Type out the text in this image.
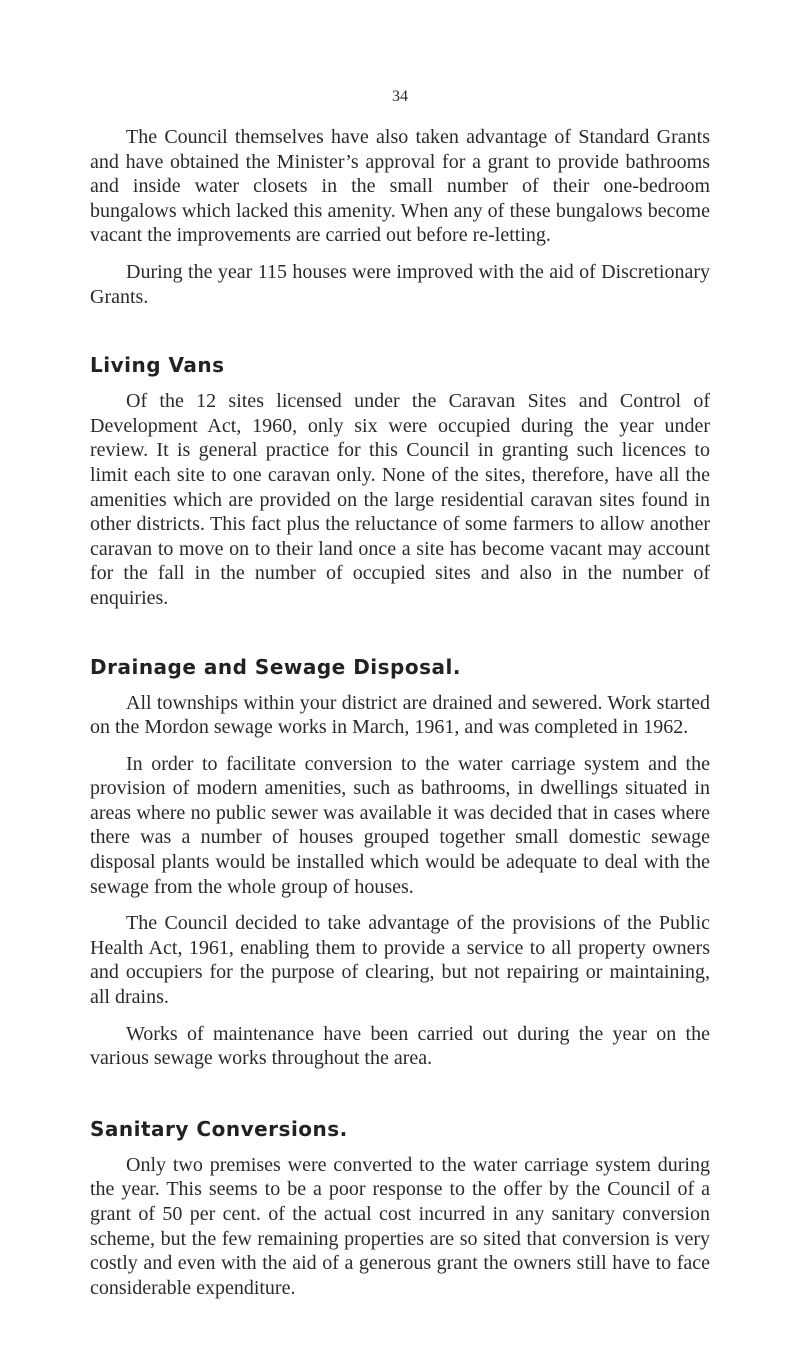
34

The Council themselves have also taken advantage of Standard Grants and have obtained the Minister’s approval for a grant to provide bathrooms and inside water closets in the small number of their one-bedroom bungalows which lacked this amenity. When any of these bungalows become vacant the improvements are carried out before re-letting.

During the year 115 houses were improved with the aid of Discretionary Grants.

Living Vans

Of the 12 sites licensed under the Caravan Sites and Control of Development Act, 1960, only six were occupied during the year under review. It is general practice for this Council in granting such licences to limit each site to one caravan only. None of the sites, therefore, have all the amenities which are provided on the large residential caravan sites found in other districts. This fact plus the reluctance of some farmers to allow another caravan to move on to their land once a site has become vacant may account for the fall in the number of occupied sites and also in the number of enquiries.

Drainage and Sewage Disposal.

All townships within your district are drained and sewered. Work started on the Mordon sewage works in March, 1961, and was completed in 1962.

In order to facilitate conversion to the water carriage system and the provision of modern amenities, such as bathrooms, in dwellings situated in areas where no public sewer was available it was decided that in cases where there was a number of houses grouped together small domestic sewage disposal plants would be installed which would be adequate to deal with the sewage from the whole group of houses.

The Council decided to take advantage of the provisions of the Public Health Act, 1961, enabling them to provide a service to all property owners and occupiers for the purpose of clearing, but not repairing or maintaining, all drains.

Works of maintenance have been carried out during the year on the various sewage works throughout the area.

Sanitary Conversions.

Only two premises were converted to the water carriage system during the year. This seems to be a poor response to the offer by the Council of a grant of 50 per cent. of the actual cost incurred in any sanitary conversion scheme, but the few remaining properties are so sited that conversion is very costly and even with the aid of a generous grant the owners still have to face considerable expenditure.
